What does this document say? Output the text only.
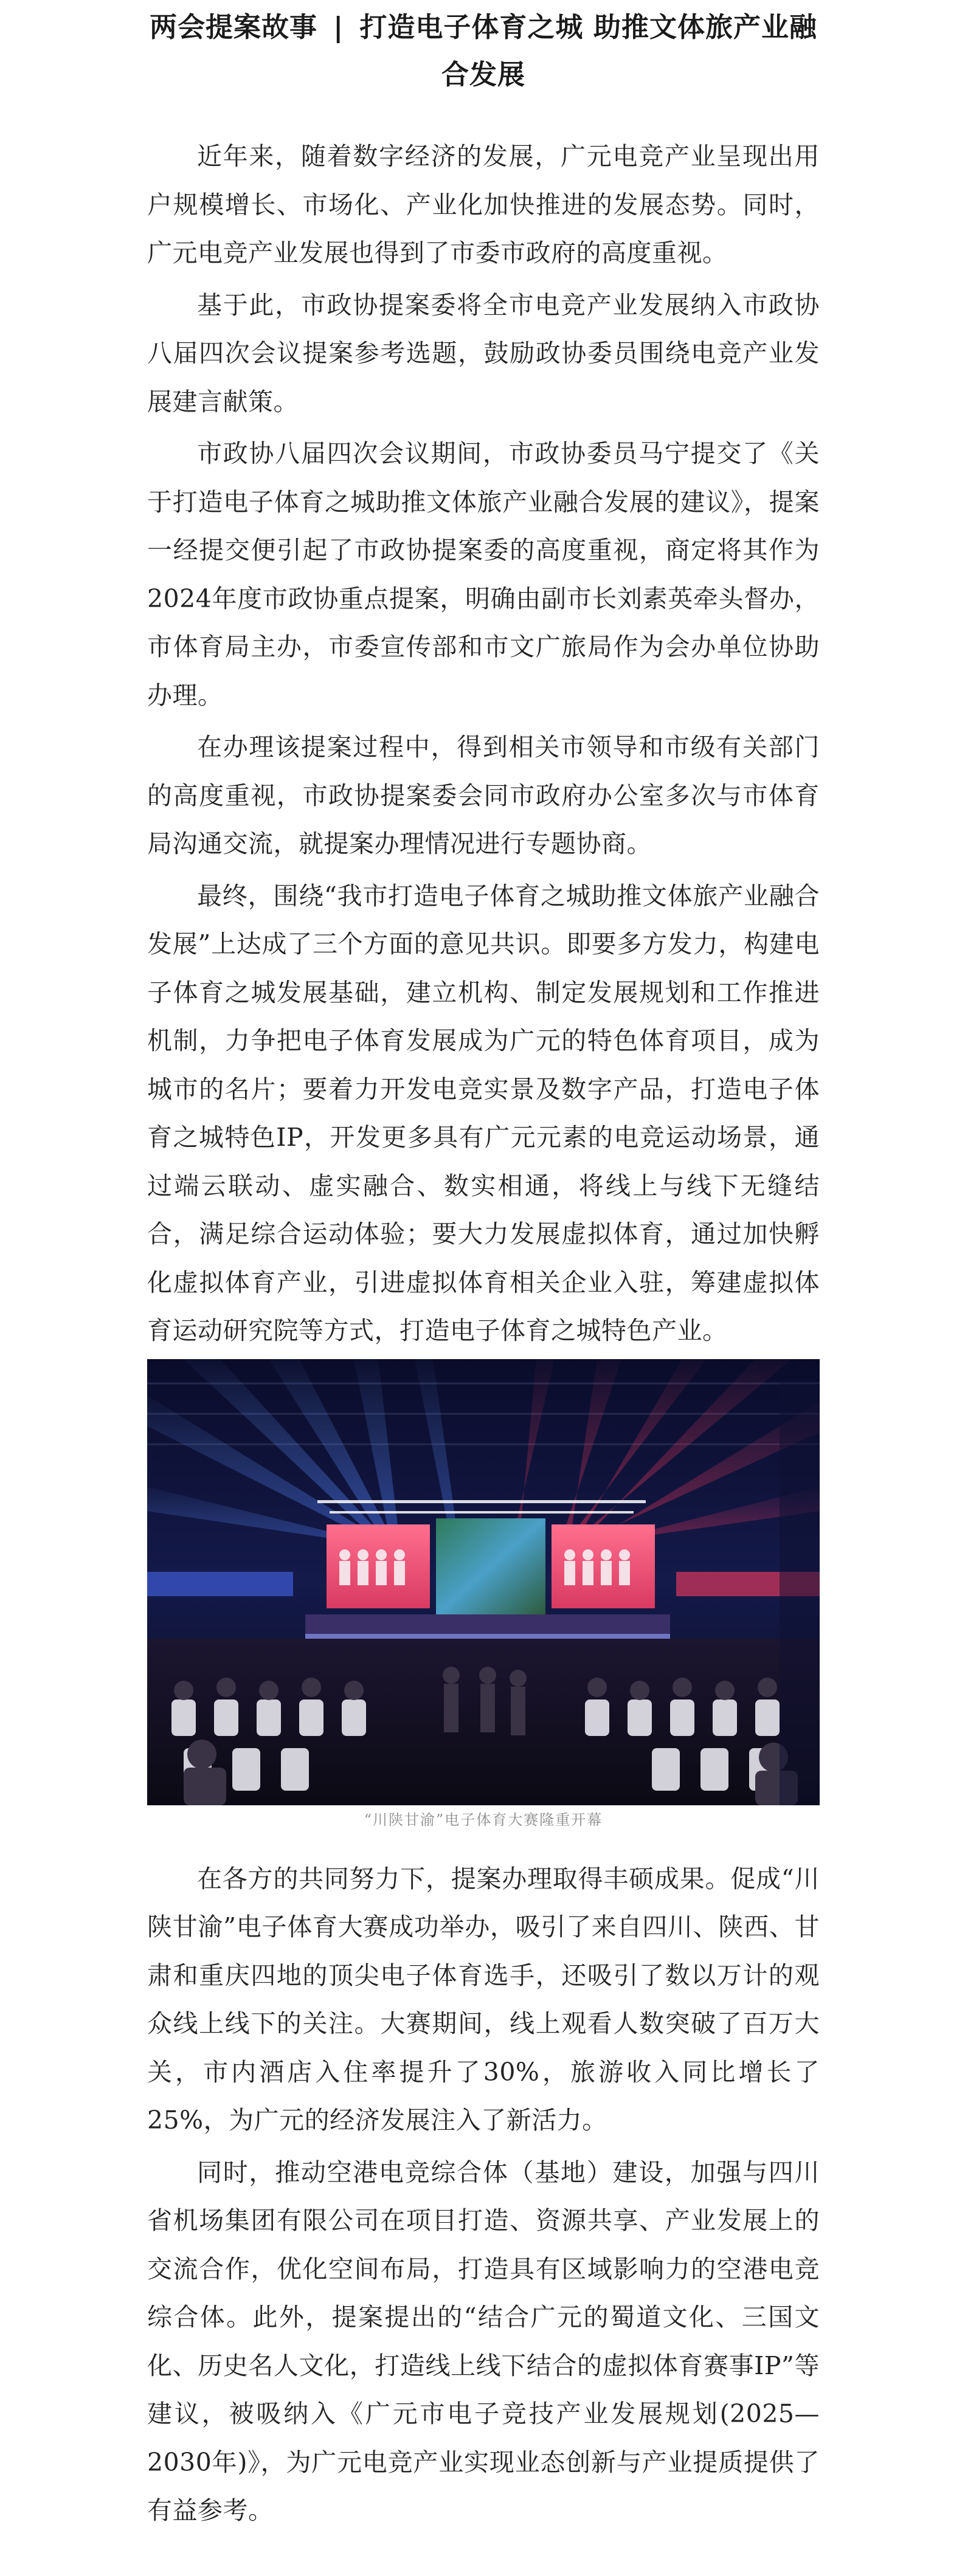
两会提案故事 | 打造电子体育之城 助推文体旅产业融合发展

近年来，随着数字经济的发展，广元电竞产业呈现出用户规模增长、市场化、产业化加快推进的发展态势。同时，广元电竞产业发展也得到了市委市政府的高度重视。

基于此，市政协提案委将全市电竞产业发展纳入市政协八届四次会议提案参考选题，鼓励政协委员围绕电竞产业发展建言献策。

市政协八届四次会议期间，市政协委员马宁提交了《关于打造电子体育之城助推文体旅产业融合发展的建议》，提案一经提交便引起了市政协提案委的高度重视，商定将其作为2024年度市政协重点提案，明确由副市长刘素英牵头督办，市体育局主办，市委宣传部和市文广旅局作为会办单位协助办理。

在办理该提案过程中，得到相关市领导和市级有关部门的高度重视，市政协提案委会同市政府办公室多次与市体育局沟通交流，就提案办理情况进行专题协商。

最终，围绕“我市打造电子体育之城助推文体旅产业融合发展”上达成了三个方面的意见共识。即要多方发力，构建电子体育之城发展基础，建立机构、制定发展规划和工作推进机制，力争把电子体育发展成为广元的特色体育项目，成为城市的名片；要着力开发电竞实景及数字产品，打造电子体育之城特色IP，开发更多具有广元元素的电竞运动场景，通过端云联动、虚实融合、数实相通，将线上与线下无缝结合，满足综合运动体验；要大力发展虚拟体育，通过加快孵化虚拟体育产业，引进虚拟体育相关企业入驻，筹建虚拟体育运动研究院等方式，打造电子体育之城特色产业。

“川陕甘渝”电子体育大赛隆重开幕

在各方的共同努力下，提案办理取得丰硕成果。促成“川陕甘渝”电子体育大赛成功举办，吸引了来自四川、陕西、甘肃和重庆四地的顶尖电子体育选手，还吸引了数以万计的观众线上线下的关注。大赛期间，线上观看人数突破了百万大关，市内酒店入住率提升了30%，旅游收入同比增长了25%，为广元的经济发展注入了新活力。

同时，推动空港电竞综合体（基地）建设，加强与四川省机场集团有限公司在项目打造、资源共享、产业发展上的交流合作，优化空间布局，打造具有区域影响力的空港电竞综合体。此外，提案提出的“结合广元的蜀道文化、三国文化、历史名人文化，打造线上线下结合的虚拟体育赛事IP”等建议，被吸纳入《广元市电子竞技产业发展规划(2025—2030年)》，为广元电竞产业实现业态创新与产业提质提供了有益参考。
